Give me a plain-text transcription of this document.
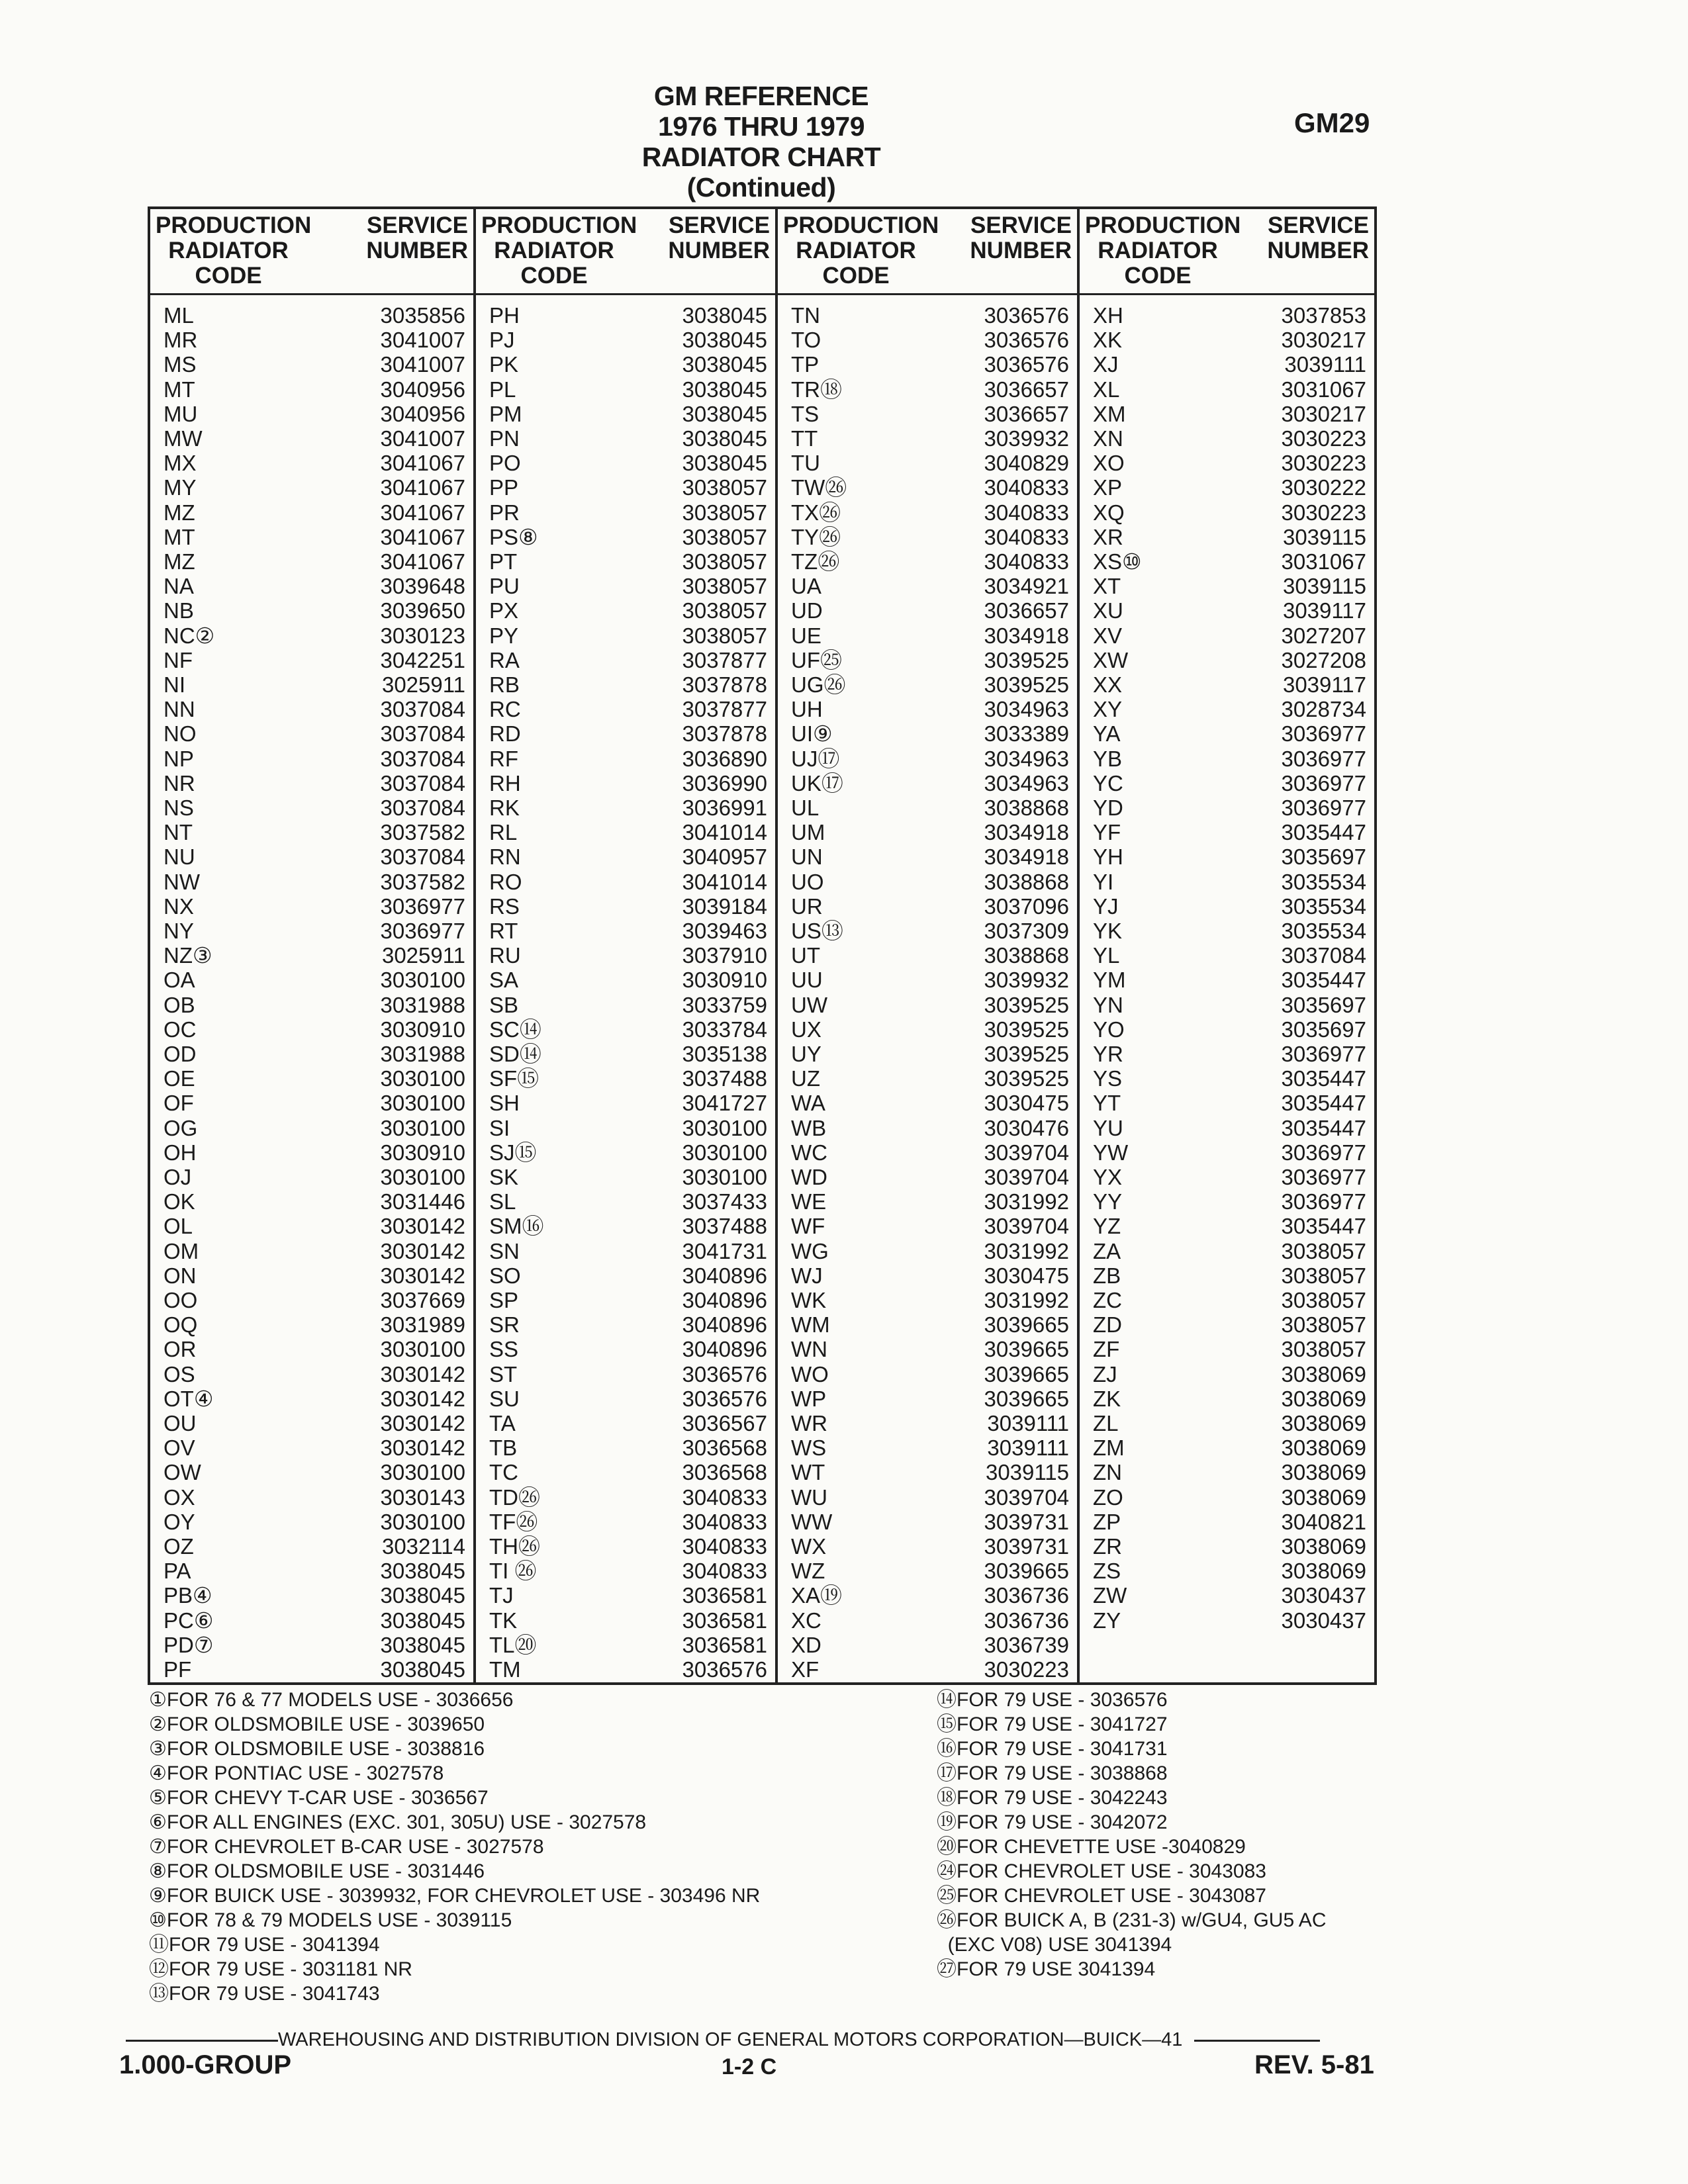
GM REFERENCE
1976 THRU 1979
RADIATOR CHART
(Continued)
GM29
PRODUCTION
RADIATOR
CODE
SERVICE
NUMBER
ML	3035856
MR	3041007
MS	3041007
MT	3040956
MU	3040956
MW	3041007
MX	3041067
MY	3041067
MZ	3041067
MT	3041067
MZ	3041067
NA	3039648
NB	3039650
NC②	3030123
NF	3042251
NI	3025911
NN	3037084
NO	3037084
NP	3037084
NR	3037084
NS	3037084
NT	3037582
NU	3037084
NW	3037582
NX	3036977
NY	3036977
NZ③	3025911
OA	3030100
OB	3031988
OC	3030910
OD	3031988
OE	3030100
OF	3030100
OG	3030100
OH	3030910
OJ	3030100
OK	3031446
OL	3030142
OM	3030142
ON	3030142
OO	3037669
OQ	3031989
OR	3030100
OS	3030142
OT④	3030142
OU	3030142
OV	3030142
OW	3030100
OX	3030143
OY	3030100
OZ	3032114
PA	3038045
PB④	3038045
PC⑥	3038045
PD⑦	3038045
PF	3038045
PRODUCTION
RADIATOR
CODE
SERVICE
NUMBER
PH	3038045
PJ	3038045
PK	3038045
PL	3038045
PM	3038045
PN	3038045
PO	3038045
PP	3038057
PR	3038057
PS⑧	3038057
PT	3038057
PU	3038057
PX	3038057
PY	3038057
RA	3037877
RB	3037878
RC	3037877
RD	3037878
RF	3036890
RH	3036990
RK	3036991
RL	3041014
RN	3040957
RO	3041014
RS	3039184
RT	3039463
RU	3037910
SA	3030910
SB	3033759
SC⑭	3033784
SD⑭	3035138
SF⑮	3037488
SH	3041727
SI	3030100
SJ⑮	3030100
SK	3030100
SL	3037433
SM⑯	3037488
SN	3041731
SO	3040896
SP	3040896
SR	3040896
SS	3040896
ST	3036576
SU	3036576
TA	3036567
TB	3036568
TC	3036568
TD㉖	3040833
TF㉖	3040833
TH㉖	3040833
TI ㉖	3040833
TJ	3036581
TK	3036581
TL⑳	3036581
TM	3036576
PRODUCTION
RADIATOR
CODE
SERVICE
NUMBER
TN	3036576
TO	3036576
TP	3036576
TR⑱	3036657
TS	3036657
TT	3039932
TU	3040829
TW㉖	3040833
TX㉖	3040833
TY㉖	3040833
TZ㉖	3040833
UA	3034921
UD	3036657
UE	3034918
UF㉕	3039525
UG㉖	3039525
UH	3034963
UI⑨	3033389
UJ⑰	3034963
UK⑰	3034963
UL	3038868
UM	3034918
UN	3034918
UO	3038868
UR	3037096
US⑬	3037309
UT	3038868
UU	3039932
UW	3039525
UX	3039525
UY	3039525
UZ	3039525
WA	3030475
WB	3030476
WC	3039704
WD	3039704
WE	3031992
WF	3039704
WG	3031992
WJ	3030475
WK	3031992
WM	3039665
WN	3039665
WO	3039665
WP	3039665
WR	3039111
WS	3039111
WT	3039115
WU	3039704
WW	3039731
WX	3039731
WZ	3039665
XA⑲	3036736
XC	3036736
XD	3036739
XF	3030223
PRODUCTION
RADIATOR
CODE
SERVICE
NUMBER
XH	3037853
XK	3030217
XJ	3039111
XL	3031067
XM	3030217
XN	3030223
XO	3030223
XP	3030222
XQ	3030223
XR	3039115
XS⑩	3031067
XT	3039115
XU	3039117
XV	3027207
XW	3027208
XX	3039117
XY	3028734
YA	3036977
YB	3036977
YC	3036977
YD	3036977
YF	3035447
YH	3035697
YI	3035534
YJ	3035534
YK	3035534
YL	3037084
YM	3035447
YN	3035697
YO	3035697
YR	3036977
YS	3035447
YT	3035447
YU	3035447
YW	3036977
YX	3036977
YY	3036977
YZ	3035447
ZA	3038057
ZB	3038057
ZC	3038057
ZD	3038057
ZF	3038057
ZJ	3038069
ZK	3038069
ZL	3038069
ZM	3038069
ZN	3038069
ZO	3038069
ZP	3040821
ZR	3038069
ZS	3038069
ZW	3030437
ZY	3030437
①FOR 76 & 77 MODELS USE - 3036656
②FOR OLDSMOBILE USE - 3039650
③FOR OLDSMOBILE USE - 3038816
④FOR PONTIAC USE - 3027578
⑤FOR CHEVY T-CAR USE - 3036567
⑥FOR ALL ENGINES (EXC. 301, 305U) USE - 3027578
⑦FOR CHEVROLET B-CAR USE - 3027578
⑧FOR OLDSMOBILE USE - 3031446
⑨FOR BUICK USE - 3039932, FOR CHEVROLET USE - 303496 NR
⑩FOR 78 & 79 MODELS USE - 3039115
⑪FOR 79 USE - 3041394
⑫FOR 79 USE - 3031181 NR
⑬FOR 79 USE - 3041743
⑭FOR 79 USE - 3036576
⑮FOR 79 USE - 3041727
⑯FOR 79 USE - 3041731
⑰FOR 79 USE - 3038868
⑱FOR 79 USE - 3042243
⑲FOR 79 USE - 3042072
⑳FOR CHEVETTE USE -3040829
㉔FOR CHEVROLET USE - 3043083
㉕FOR CHEVROLET USE - 3043087
㉖FOR BUICK A, B (231-3) w/GU4, GU5 AC
(EXC V08) USE 3041394
㉗FOR 79 USE 3041394
WAREHOUSING AND DISTRIBUTION DIVISION OF GENERAL MOTORS CORPORATION—BUICK—41
1.000-GROUP	1-2 C	REV. 5-81
